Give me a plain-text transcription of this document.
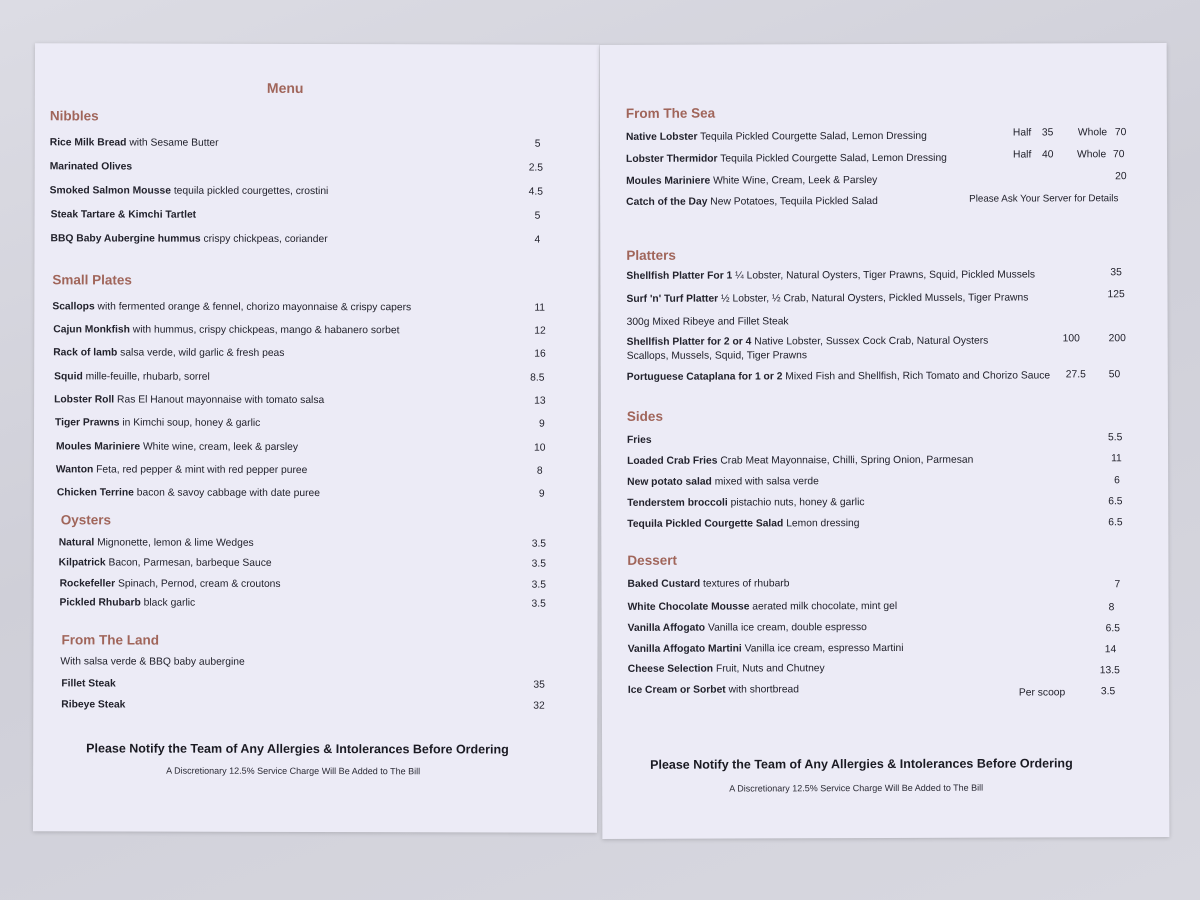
Menu
Nibbles
Rice Milk Bread with Sesame Butter	5
Marinated Olives	2.5
Smoked Salmon Mousse tequila pickled courgettes, crostini	4.5
Steak Tartare & Kimchi Tartlet	5
BBQ Baby Aubergine hummus crispy chickpeas, coriander	4
Small Plates
Scallops with fermented orange & fennel, chorizo mayonnaise & crispy capers	11
Cajun Monkfish with hummus, crispy chickpeas, mango & habanero sorbet	12
Rack of lamb salsa verde, wild garlic & fresh peas	16
Squid mille-feuille, rhubarb, sorrel	8.5
Lobster Roll Ras El Hanout mayonnaise with tomato salsa	13
Tiger Prawns in Kimchi soup, honey & garlic	9
Moules Mariniere White wine, cream, leek & parsley	10
Wanton Feta, red pepper & mint with red pepper puree	8
Chicken Terrine bacon & savoy cabbage with date puree	9
Oysters
Natural Mignonette, lemon & lime Wedges	3.5
Kilpatrick Bacon, Parmesan, barbeque Sauce	3.5
Rockefeller Spinach, Pernod, cream & croutons	3.5
Pickled Rhubarb black garlic	3.5
From The Land
With salsa verde & BBQ baby aubergine
Fillet Steak	35
Ribeye Steak	32
Please Notify the Team of Any Allergies & Intolerances Before Ordering
A Discretionary 12.5% Service Charge Will Be Added to The Bill
From The Sea
Native Lobster Tequila Pickled Courgette Salad, Lemon Dressing	Half 35 Whole 70
Lobster Thermidor Tequila Pickled Courgette Salad, Lemon Dressing	Half 40 Whole 70
Moules Mariniere White Wine, Cream, Leek & Parsley	20
Catch of the Day New Potatoes, Tequila Pickled Salad	Please Ask Your Server for Details
Platters
Shellfish Platter For 1 ¼ Lobster, Natural Oysters, Tiger Prawns, Squid, Pickled Mussels	35
Surf 'n' Turf Platter ½ Lobster, ½ Crab, Natural Oysters, Pickled Mussels, Tiger Prawns	125
300g Mixed Ribeye and Fillet Steak
Shellfish Platter for 2 or 4 Native Lobster, Sussex Cock Crab, Natural Oysters	100	200
Scallops, Mussels, Squid, Tiger Prawns
Portuguese Cataplana for 1 or 2 Mixed Fish and Shellfish, Rich Tomato and Chorizo Sauce 27.5 50
Sides
Fries	5.5
Loaded Crab Fries Crab Meat Mayonnaise, Chilli, Spring Onion, Parmesan	11
New potato salad mixed with salsa verde	6
Tenderstem broccoli pistachio nuts, honey & garlic	6.5
Tequila Pickled Courgette Salad Lemon dressing	6.5
Dessert
Baked Custard textures of rhubarb	7
White Chocolate Mousse aerated milk chocolate, mint gel	8
Vanilla Affogato Vanilla ice cream, double espresso	6.5
Vanilla Affogato Martini Vanilla ice cream, espresso Martini	14
Cheese Selection Fruit, Nuts and Chutney	13.5
Ice Cream or Sorbet with shortbread	Per scoop	3.5
Please Notify the Team of Any Allergies & Intolerances Before Ordering
A Discretionary 12.5% Service Charge Will Be Added to The Bill
